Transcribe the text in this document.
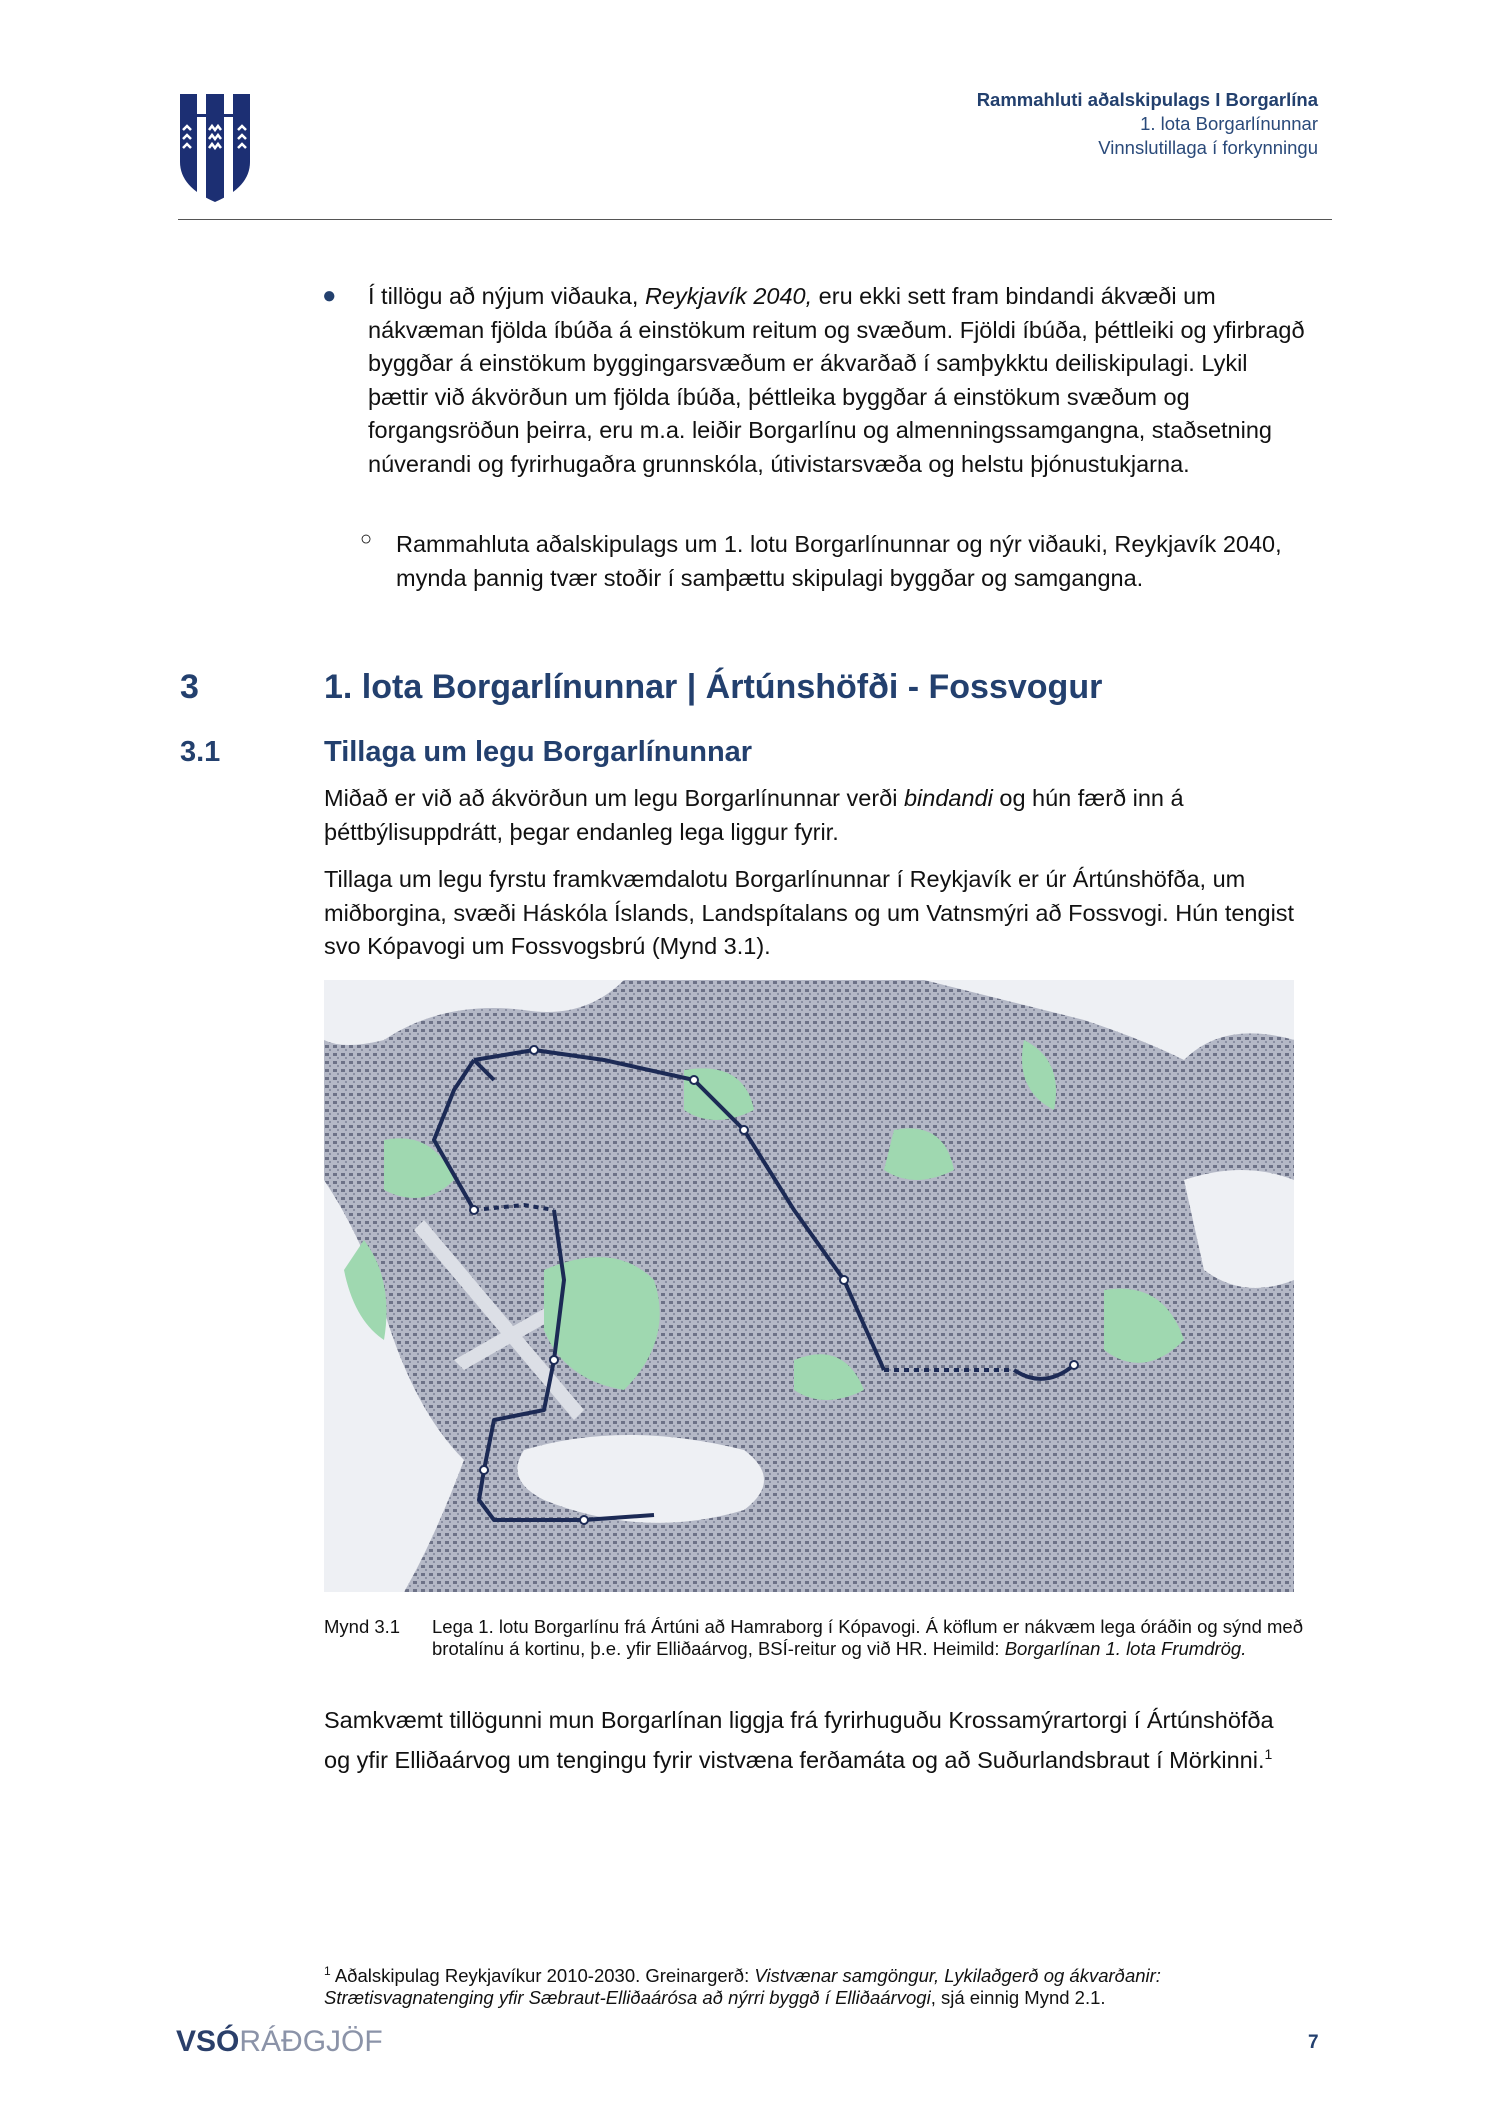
Rammahluti aðalskipulags I Borgarlína
1. lota Borgarlínunnar
Vinnslutillaga í forkynningu
● Í tillögu að nýjum viðauka, Reykjavík 2040, eru ekki sett fram bindandi ákvæði um nákvæman fjölda íbúða á einstökum reitum og svæðum. Fjöldi íbúða, þéttleiki og yfirbragð byggðar á einstökum byggingarsvæðum er ákvarðað í samþykktu deiliskipulagi. Lykil þættir við ákvörðun um fjölda íbúða, þéttleika byggðar á einstökum svæðum og forgangsröðun þeirra, eru m.a. leiðir Borgarlínu og almenningssamgangna, staðsetning núverandi og fyrirhugaðra grunnskóla, útivistarsvæða og helstu þjónustukjarna.
○ Rammahluta aðalskipulags um 1. lotu Borgarlínunnar og nýr viðauki, Reykjavík 2040, mynda þannig tvær stoðir í samþættu skipulagi byggðar og samgangna.
3	1. lota Borgarlínunnar | Ártúnshöfði - Fossvogur
3.1	Tillaga um legu Borgarlínunnar
Miðað er við að ákvörðun um legu Borgarlínunnar verði bindandi og hún færð inn á þéttbýlisuppdrátt, þegar endanleg lega liggur fyrir.
Tillaga um legu fyrstu framkvæmdalotu Borgarlínunnar í Reykjavík er úr Ártúnshöfða, um miðborgina, svæði Háskóla Íslands, Landspítalans og um Vatnsmýri að Fossvogi. Hún tengist svo Kópavogi um Fossvogsbrú (Mynd 3.1).
Mynd 3.1 Lega 1. lotu Borgarlínu frá Ártúni að Hamraborg í Kópavogi. Á köflum er nákvæm lega óráðin og sýnd með brotalínu á kortinu, þ.e. yfir Elliðaárvog, BSÍ-reitur og við HR. Heimild: Borgarlínan 1. lota Frumdrög.
Samkvæmt tillögunni mun Borgarlínan liggja frá fyrirhuguðu Krossamýrartorgi í Ártúnshöfða og yfir Elliðaárvog um tengingu fyrir vistvæna ferðamáta og að Suðurlandsbraut í Mörkinni.$^1$
$^1$ Aðalskipulag Reykjavíkur 2010-2030. Greinargerð: Vistvænar samgöngur, Lykilaðgerð og ákvarðanir: Strætisvagnatenging yfir Sæbraut-Elliðaárósa að nýrri byggð í Elliðaárvogi, sjá einnig Mynd 2.1.
VSÓRÁÐGJÖF	7
